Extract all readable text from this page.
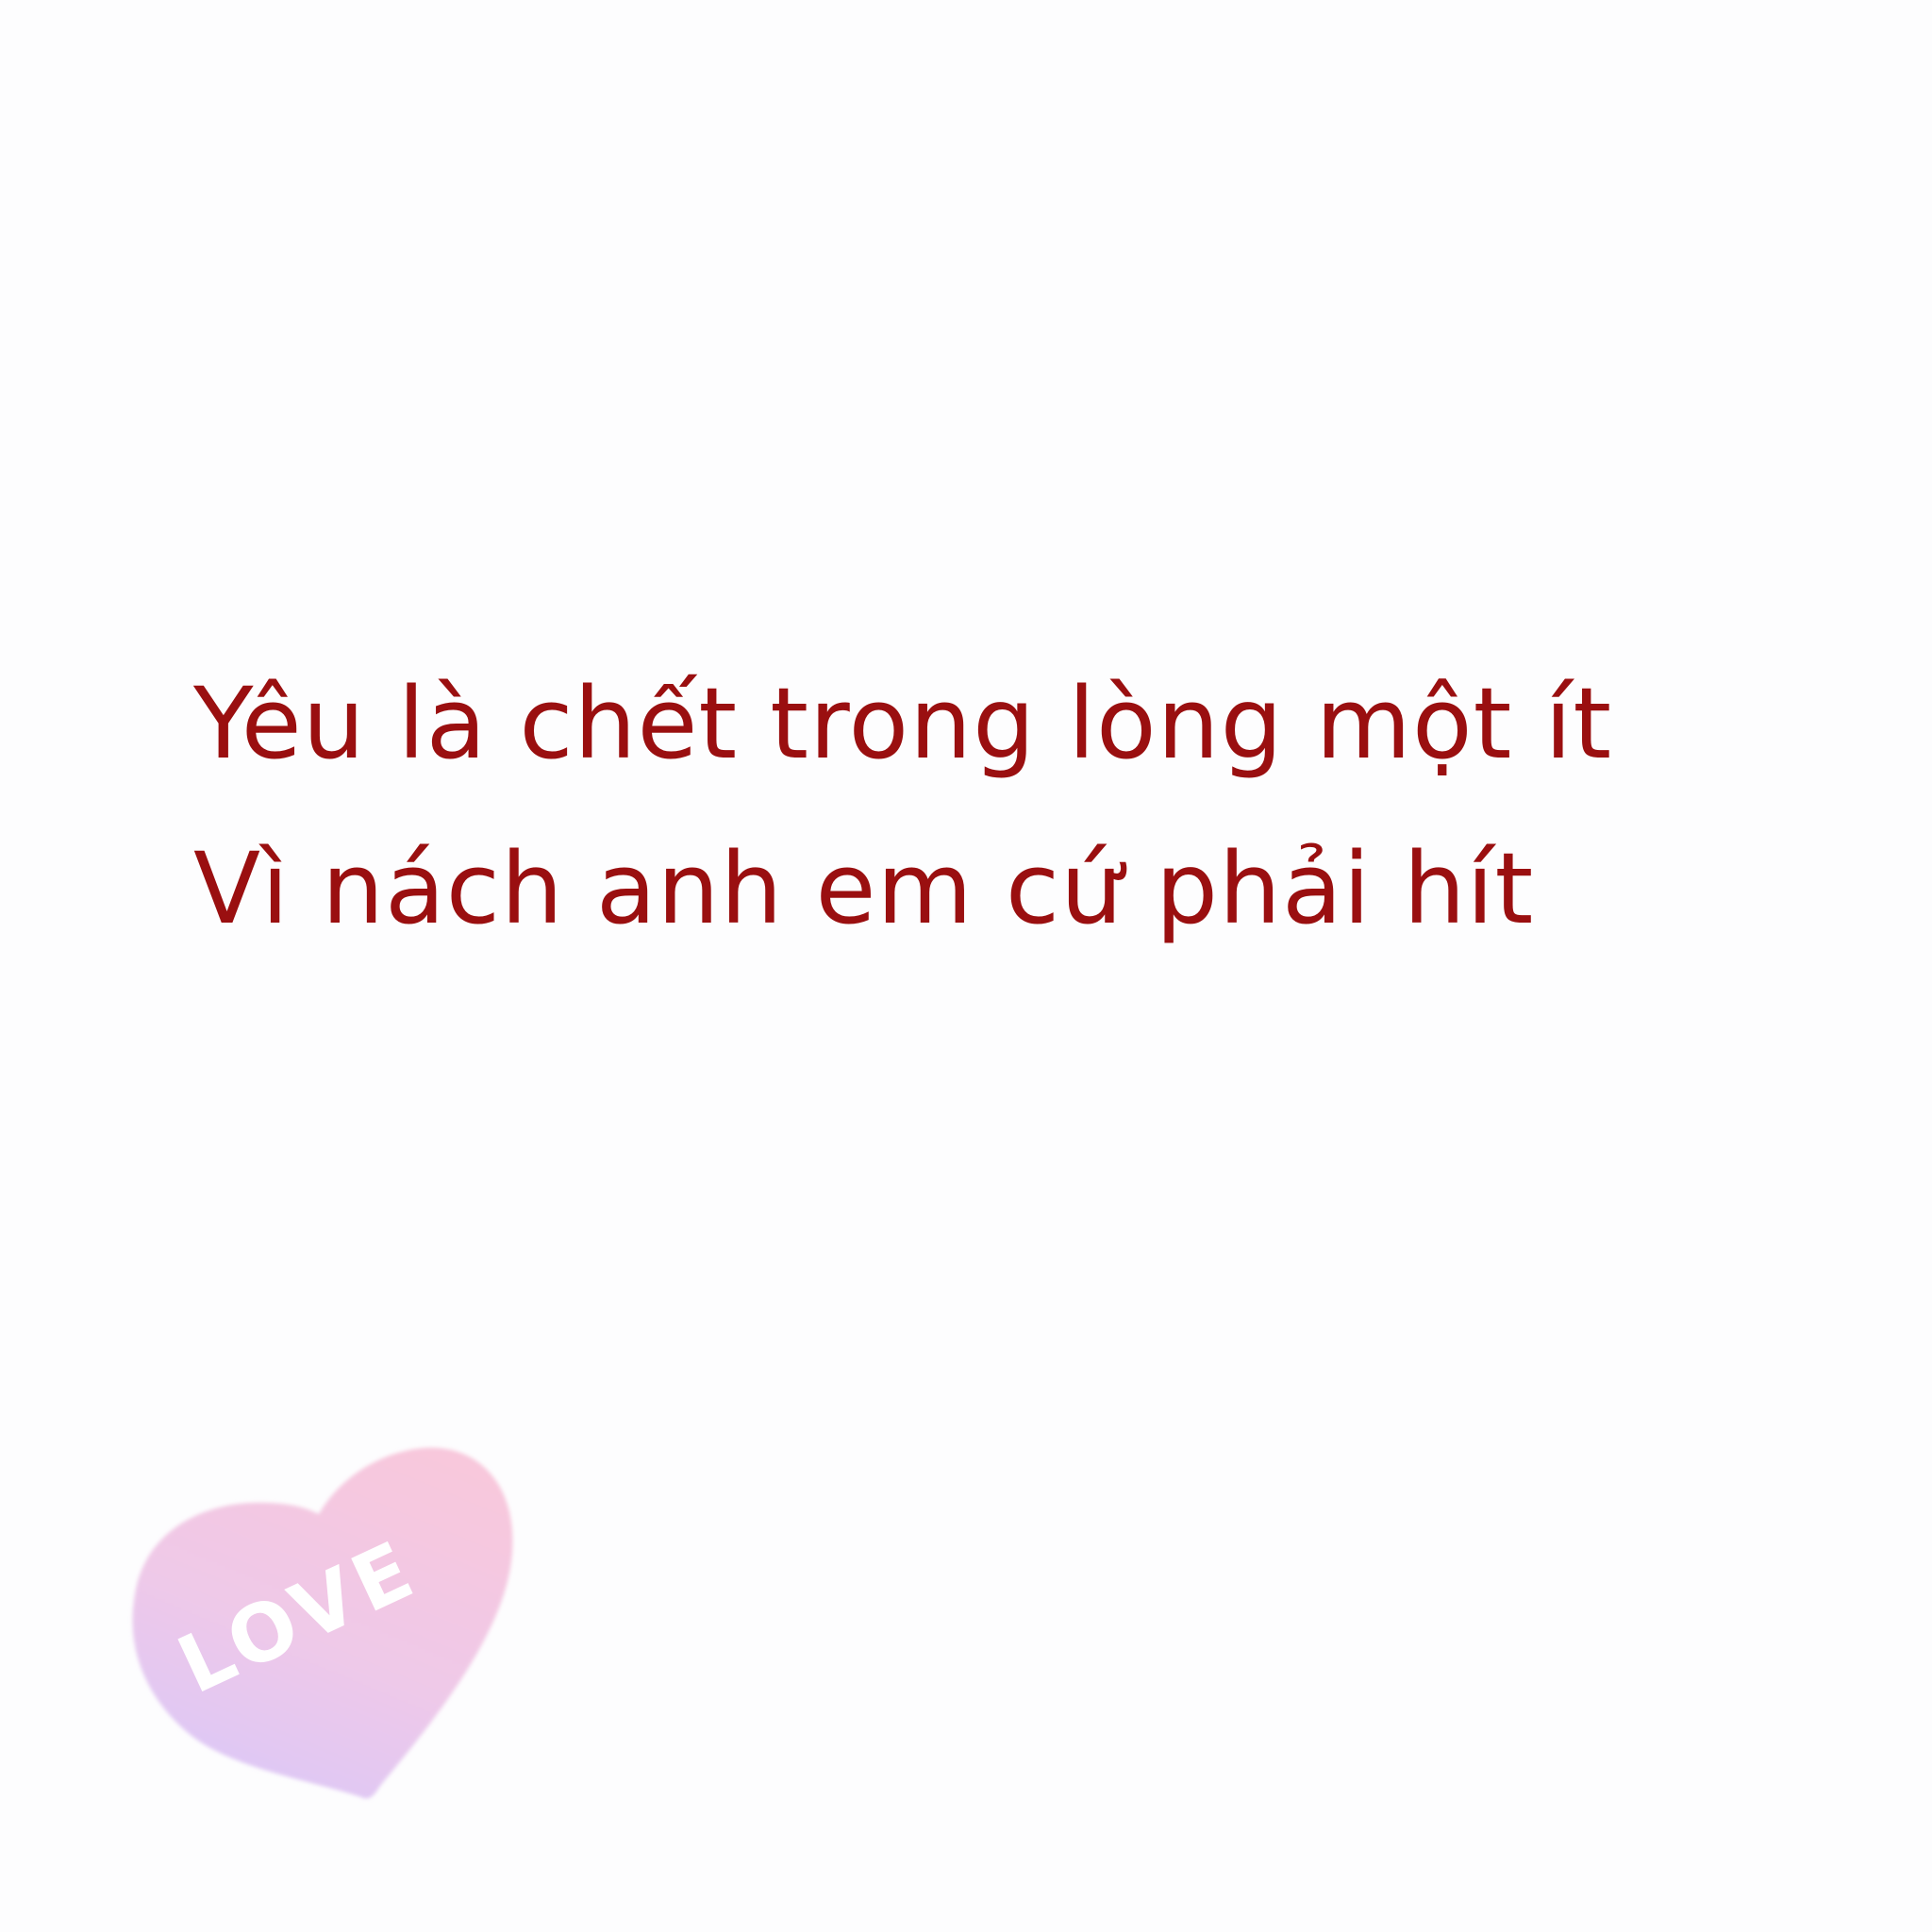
Yêu là chết trong lòng một ít
Vì nách anh em cứ phải hít
LOVE
